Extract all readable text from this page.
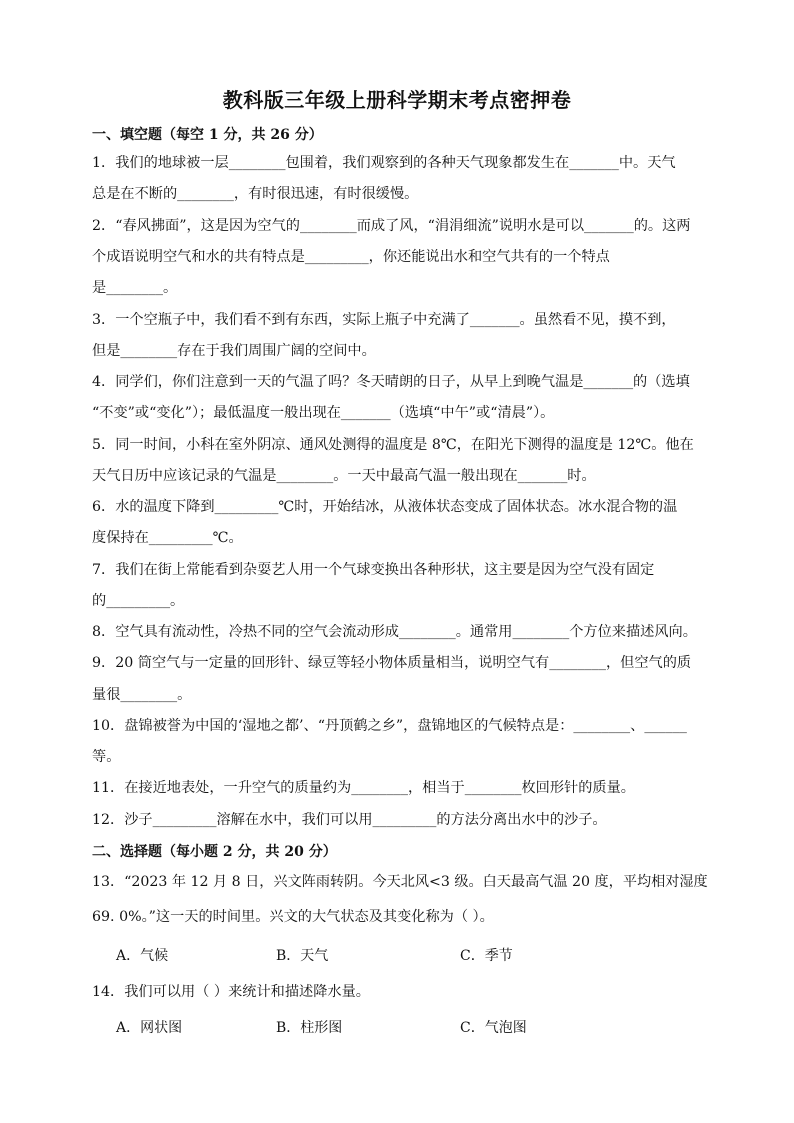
教科版三年级上册科学期末考点密押卷
一、填空题（每空 1 分，共 26 分）
1．我们的地球被一层________包围着，我们观察到的各种天气现象都发生在_______中。天气
总是在不断的________，有时很迅速，有时很缓慢。
2．“春风拂面”，这是因为空气的________而成了风，“涓涓细流”说明水是可以_______的。这两
个成语说明空气和水的共有特点是_________，你还能说出水和空气共有的一个特点
是________。
3．一个空瓶子中，我们看不到有东西，实际上瓶子中充满了_______。虽然看不见，摸不到，
但是________存在于我们周围广阔的空间中。
4．同学们，你们注意到一天的气温了吗？冬天晴朗的日子，从早上到晚气温是_______的（选填
“不变”或“变化”）；最低温度一般出现在_______（选填“中午”或“清晨”）。
5．同一时间，小科在室外阴凉、通风处测得的温度是 8℃，在阳光下测得的温度是 12℃。他在
天气日历中应该记录的气温是________。一天中最高气温一般出现在_______时。
6．水的温度下降到_________℃时，开始结冰，从液体状态变成了固体状态。冰水混合物的温
度保持在_________℃。
7．我们在街上常能看到杂耍艺人用一个气球变换出各种形状，这主要是因为空气没有固定
的_________。
8．空气具有流动性，冷热不同的空气会流动形成________。通常用________个方位来描述风向。
9．20 筒空气与一定量的回形针、绿豆等轻小物体质量相当，说明空气有________，但空气的质
量很________。
10．盘锦被誉为中国的‘湿地之都’、“丹顶鹤之乡”，盘锦地区的气候特点是：________、______
等。
11．在接近地表处，一升空气的质量约为________，相当于________枚回形针的质量。
12．沙子_________溶解在水中，我们可以用_________的方法分离出水中的沙子。
二、选择题（每小题 2 分，共 20 分）
13．“2023 年 12 月 8 日，兴文阵雨转阴。今天北风<3 级。白天最高气温 20 度，平均相对湿度
69. 0%。”这一天的时间里。兴文的大气状态及其变化称为（ ）。
A．气候	B．天气	C．季节
14．我们可以用（ ）来统计和描述降水量。
A．网状图	B．柱形图	C．气泡图
